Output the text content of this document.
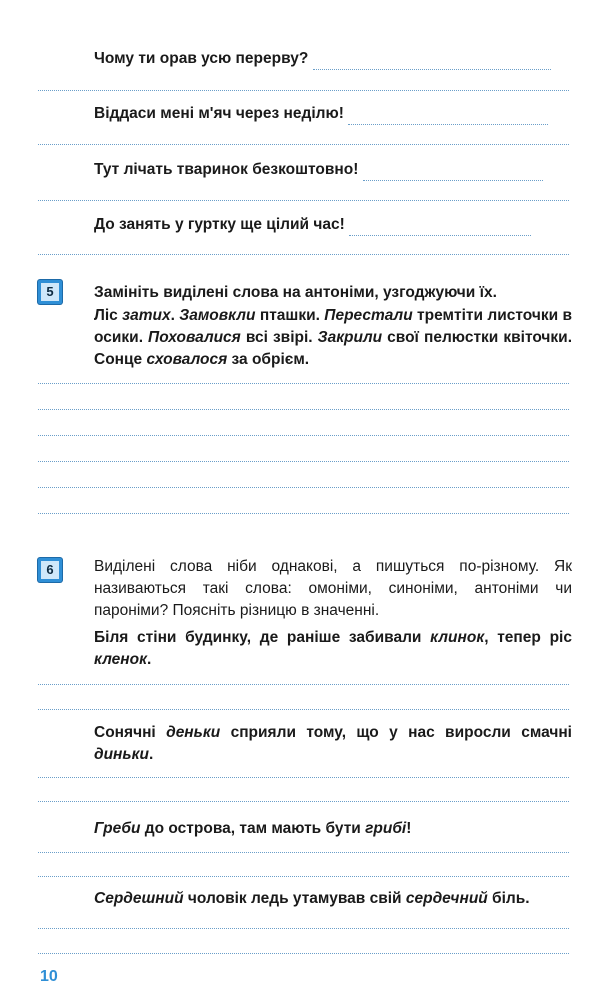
Чому ти орав усю перерву?
Віддаси мені м'яч через неділю!
Тут лічать тваринок безкоштовно!
До занять у гуртку ще цілий час!
5	Замініть виділені слова на антоніми, узгоджуючи їх.
Ліс затих. Замовкли пташки. Перестали тремтіти листочки в осики. Поховалися всі звірі. Закрили свої пелюстки квіточки. Сонце сховалося за обрієм.
6	Виділені слова ніби однакові, а пишуться по-різному. Як називаються такі слова: омоніми, синоніми, антоніми чи пароніми? Поясніть різницю в значенні.
Біля стіни будинку, де раніше забивали клинок, тепер ріс кленок.
Сонячні деньки сприяли тому, що у нас виросли смачні диньки.
Греби до острова, там мають бути грибі!
Сердешний чоловік ледь утамував свій сердечний біль.
10
